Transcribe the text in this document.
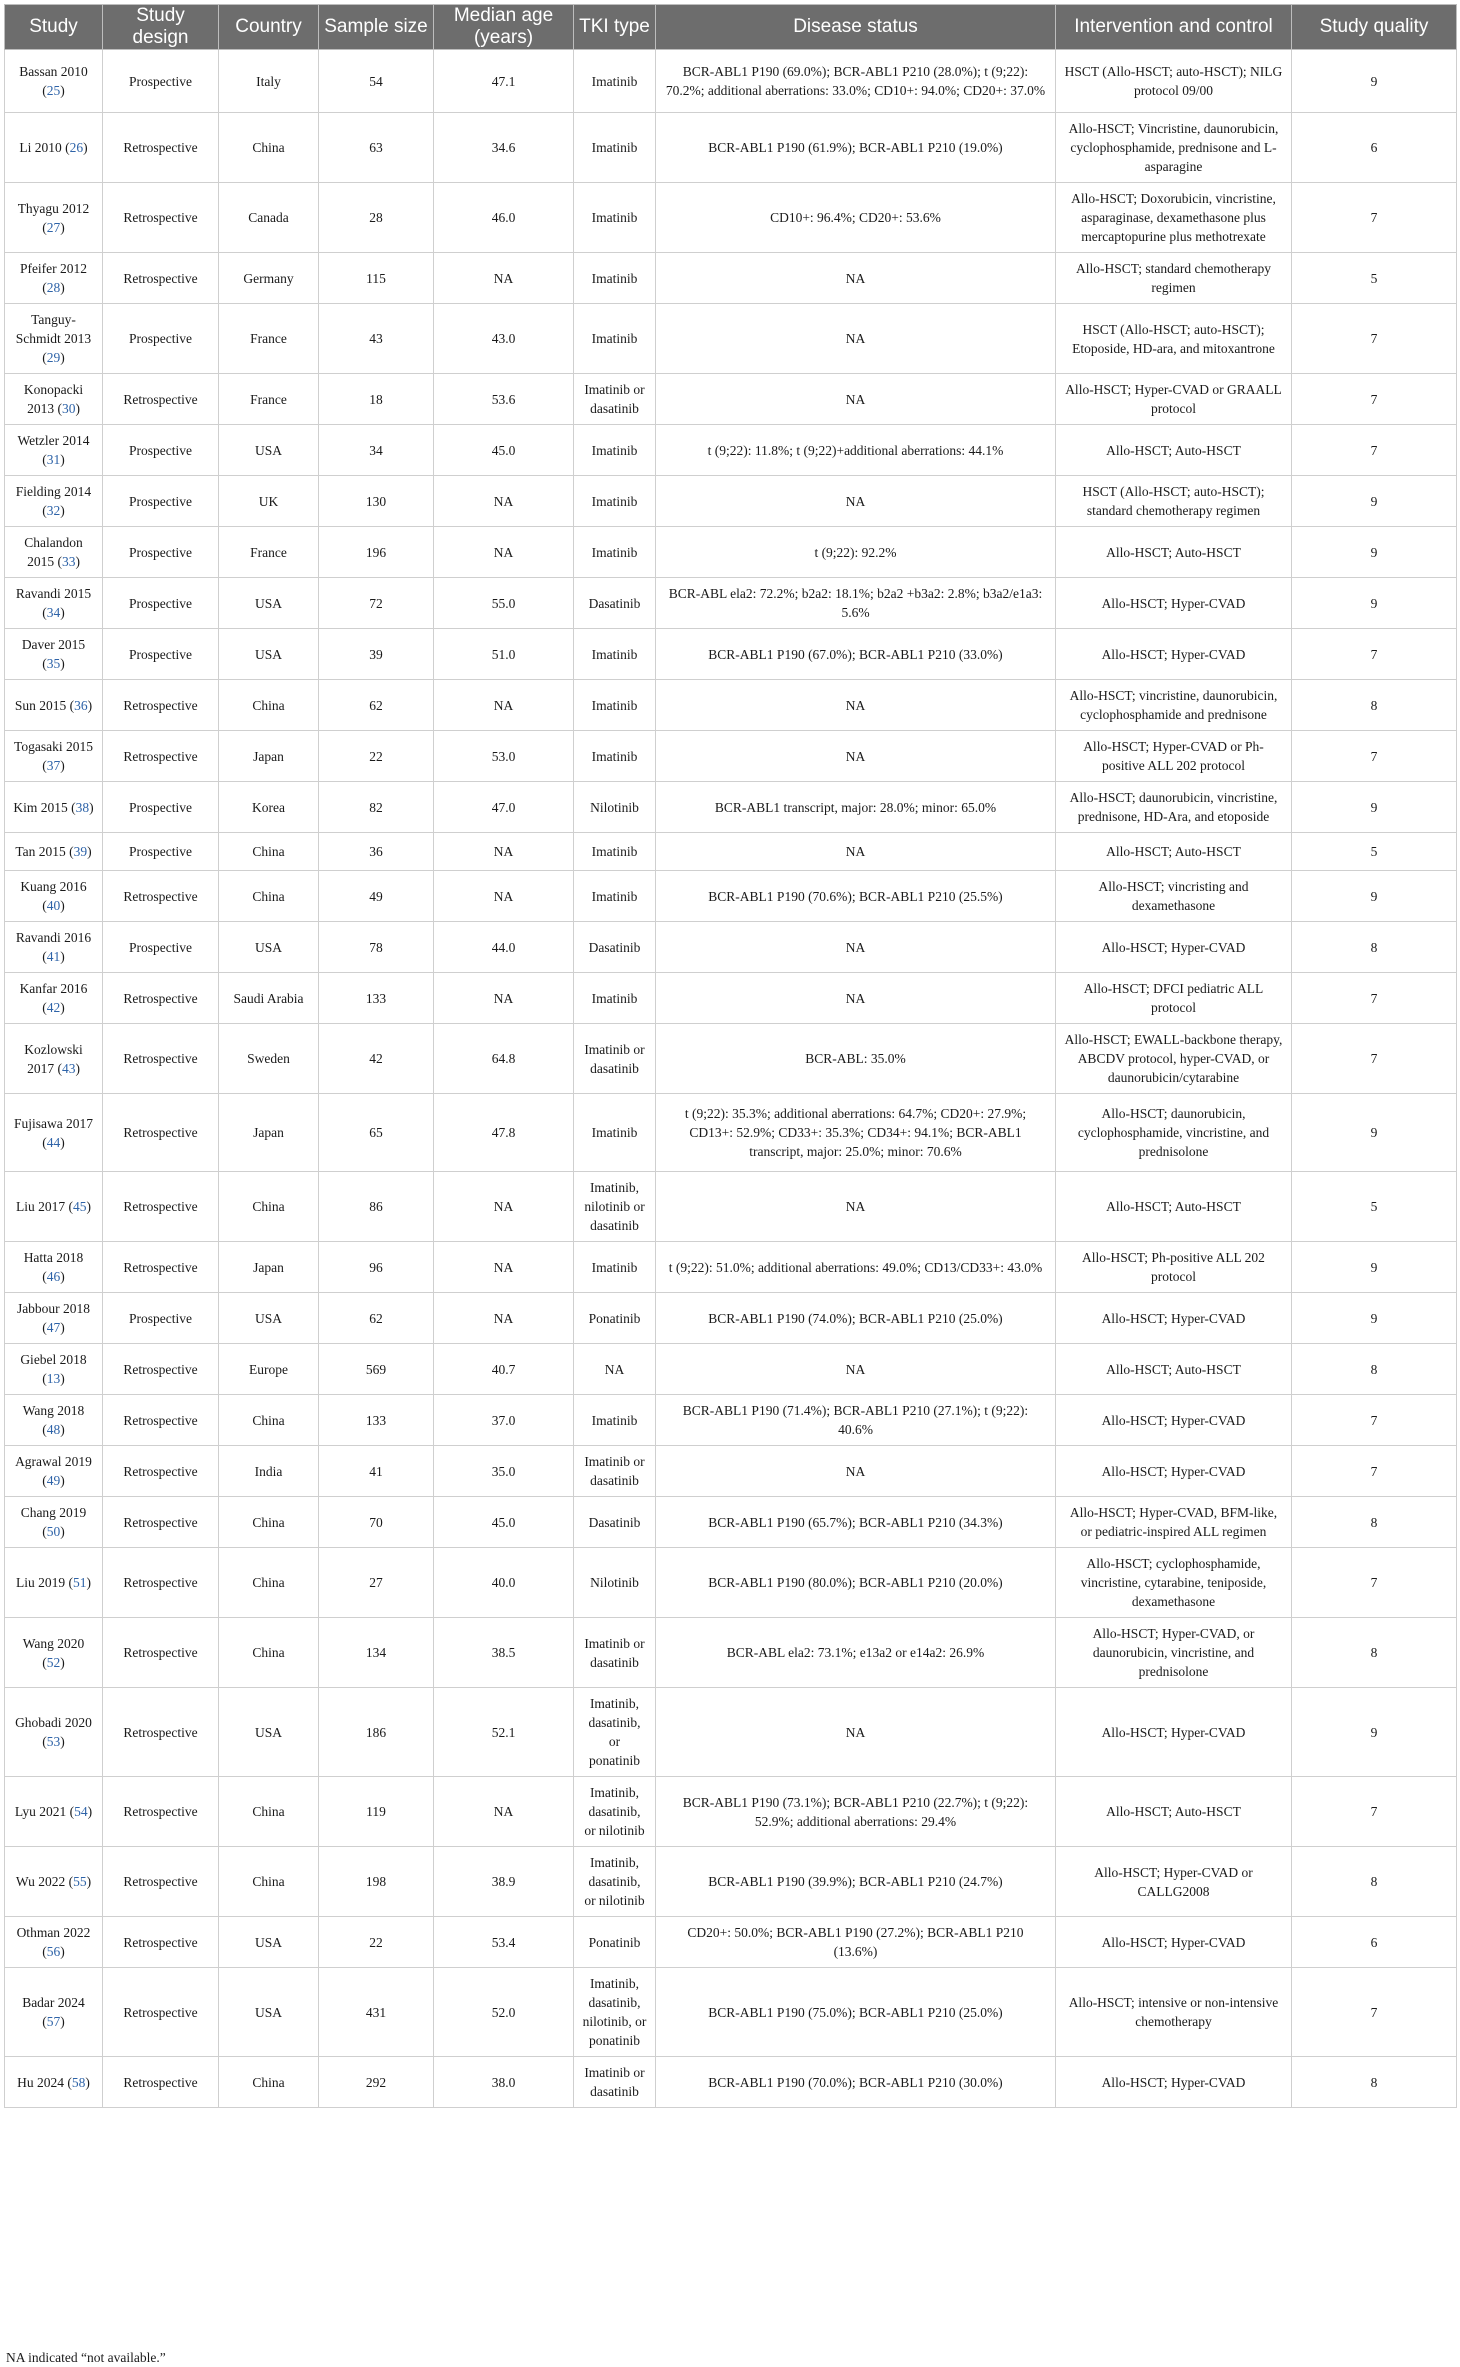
Study	Study design	Country	Sample size	Median age (years)	TKI type	Disease status	Intervention and control	Study quality
Bassan 2010 (25)	Prospective	Italy	54	47.1	Imatinib	BCR-ABL1 P190 (69.0%); BCR-ABL1 P210 (28.0%); t (9;22): 70.2%; additional aberrations: 33.0%; CD10+: 94.0%; CD20+: 37.0%	HSCT (Allo-HSCT; auto-HSCT); NILG protocol 09/00	9
Li 2010 (26)	Retrospective	China	63	34.6	Imatinib	BCR-ABL1 P190 (61.9%); BCR-ABL1 P210 (19.0%)	Allo-HSCT; Vincristine, daunorubicin, cyclophosphamide, prednisone and L-asparagine	6
Thyagu 2012 (27)	Retrospective	Canada	28	46.0	Imatinib	CD10+: 96.4%; CD20+: 53.6%	Allo-HSCT; Doxorubicin, vincristine, asparaginase, dexamethasone plus mercaptopurine plus methotrexate	7
Pfeifer 2012 (28)	Retrospective	Germany	115	NA	Imatinib	NA	Allo-HSCT; standard chemotherapy regimen	5
Tanguy-Schmidt 2013 (29)	Prospective	France	43	43.0	Imatinib	NA	HSCT (Allo-HSCT; auto-HSCT); Etoposide, HD-ara, and mitoxantrone	7
Konopacki 2013 (30)	Retrospective	France	18	53.6	Imatinib or dasatinib	NA	Allo-HSCT; Hyper-CVAD or GRAALL protocol	7
Wetzler 2014 (31)	Prospective	USA	34	45.0	Imatinib	t (9;22): 11.8%; t (9;22)+additional aberrations: 44.1%	Allo-HSCT; Auto-HSCT	7
Fielding 2014 (32)	Prospective	UK	130	NA	Imatinib	NA	HSCT (Allo-HSCT; auto-HSCT); standard chemotherapy regimen	9
Chalandon 2015 (33)	Prospective	France	196	NA	Imatinib	t (9;22): 92.2%	Allo-HSCT; Auto-HSCT	9
Ravandi 2015 (34)	Prospective	USA	72	55.0	Dasatinib	BCR-ABL ela2: 72.2%; b2a2: 18.1%; b2a2 +b3a2: 2.8%; b3a2/e1a3: 5.6%	Allo-HSCT; Hyper-CVAD	9
Daver 2015 (35)	Prospective	USA	39	51.0	Imatinib	BCR-ABL1 P190 (67.0%); BCR-ABL1 P210 (33.0%)	Allo-HSCT; Hyper-CVAD	7
Sun 2015 (36)	Retrospective	China	62	NA	Imatinib	NA	Allo-HSCT; vincristine, daunorubicin, cyclophosphamide and prednisone	8
Togasaki 2015 (37)	Retrospective	Japan	22	53.0	Imatinib	NA	Allo-HSCT; Hyper-CVAD or Ph-positive ALL 202 protocol	7
Kim 2015 (38)	Prospective	Korea	82	47.0	Nilotinib	BCR-ABL1 transcript, major: 28.0%; minor: 65.0%	Allo-HSCT; daunorubicin, vincristine, prednisone, HD-Ara, and etoposide	9
Tan 2015 (39)	Prospective	China	36	NA	Imatinib	NA	Allo-HSCT; Auto-HSCT	5
Kuang 2016 (40)	Retrospective	China	49	NA	Imatinib	BCR-ABL1 P190 (70.6%); BCR-ABL1 P210 (25.5%)	Allo-HSCT; vincristing and dexamethasone	9
Ravandi 2016 (41)	Prospective	USA	78	44.0	Dasatinib	NA	Allo-HSCT; Hyper-CVAD	8
Kanfar 2016 (42)	Retrospective	Saudi Arabia	133	NA	Imatinib	NA	Allo-HSCT; DFCI pediatric ALL protocol	7
Kozlowski 2017 (43)	Retrospective	Sweden	42	64.8	Imatinib or dasatinib	BCR-ABL: 35.0%	Allo-HSCT; EWALL-backbone therapy, ABCDV protocol, hyper-CVAD, or daunorubicin/cytarabine	7
Fujisawa 2017 (44)	Retrospective	Japan	65	47.8	Imatinib	t (9;22): 35.3%; additional aberrations: 64.7%; CD20+: 27.9%; CD13+: 52.9%; CD33+: 35.3%; CD34+: 94.1%; BCR-ABL1 transcript, major: 25.0%; minor: 70.6%	Allo-HSCT; daunorubicin, cyclophosphamide, vincristine, and prednisolone	9
Liu 2017 (45)	Retrospective	China	86	NA	Imatinib, nilotinib or dasatinib	NA	Allo-HSCT; Auto-HSCT	5
Hatta 2018 (46)	Retrospective	Japan	96	NA	Imatinib	t (9;22): 51.0%; additional aberrations: 49.0%; CD13/CD33+: 43.0%	Allo-HSCT; Ph-positive ALL 202 protocol	9
Jabbour 2018 (47)	Prospective	USA	62	NA	Ponatinib	BCR-ABL1 P190 (74.0%); BCR-ABL1 P210 (25.0%)	Allo-HSCT; Hyper-CVAD	9
Giebel 2018 (13)	Retrospective	Europe	569	40.7	NA	NA	Allo-HSCT; Auto-HSCT	8
Wang 2018 (48)	Retrospective	China	133	37.0	Imatinib	BCR-ABL1 P190 (71.4%); BCR-ABL1 P210 (27.1%); t (9;22): 40.6%	Allo-HSCT; Hyper-CVAD	7
Agrawal 2019 (49)	Retrospective	India	41	35.0	Imatinib or dasatinib	NA	Allo-HSCT; Hyper-CVAD	7
Chang 2019 (50)	Retrospective	China	70	45.0	Dasatinib	BCR-ABL1 P190 (65.7%); BCR-ABL1 P210 (34.3%)	Allo-HSCT; Hyper-CVAD, BFM-like, or pediatric-inspired ALL regimen	8
Liu 2019 (51)	Retrospective	China	27	40.0	Nilotinib	BCR-ABL1 P190 (80.0%); BCR-ABL1 P210 (20.0%)	Allo-HSCT; cyclophosphamide, vincristine, cytarabine, teniposide, dexamethasone	7
Wang 2020 (52)	Retrospective	China	134	38.5	Imatinib or dasatinib	BCR-ABL ela2: 73.1%; e13a2 or e14a2: 26.9%	Allo-HSCT; Hyper-CVAD, or daunorubicin, vincristine, and prednisolone	8
Ghobadi 2020 (53)	Retrospective	USA	186	52.1	Imatinib, dasatinib, or ponatinib	NA	Allo-HSCT; Hyper-CVAD	9
Lyu 2021 (54)	Retrospective	China	119	NA	Imatinib, dasatinib, or nilotinib	BCR-ABL1 P190 (73.1%); BCR-ABL1 P210 (22.7%); t (9;22): 52.9%; additional aberrations: 29.4%	Allo-HSCT; Auto-HSCT	7
Wu 2022 (55)	Retrospective	China	198	38.9	Imatinib, dasatinib, or nilotinib	BCR-ABL1 P190 (39.9%); BCR-ABL1 P210 (24.7%)	Allo-HSCT; Hyper-CVAD or CALLG2008	8
Othman 2022 (56)	Retrospective	USA	22	53.4	Ponatinib	CD20+: 50.0%; BCR-ABL1 P190 (27.2%); BCR-ABL1 P210 (13.6%)	Allo-HSCT; Hyper-CVAD	6
Badar 2024 (57)	Retrospective	USA	431	52.0	Imatinib, dasatinib, nilotinib, or ponatinib	BCR-ABL1 P190 (75.0%); BCR-ABL1 P210 (25.0%)	Allo-HSCT; intensive or non-intensive chemotherapy	7
Hu 2024 (58)	Retrospective	China	292	38.0	Imatinib or dasatinib	BCR-ABL1 P190 (70.0%); BCR-ABL1 P210 (30.0%)	Allo-HSCT; Hyper-CVAD	8
NA indicated “not available.”
